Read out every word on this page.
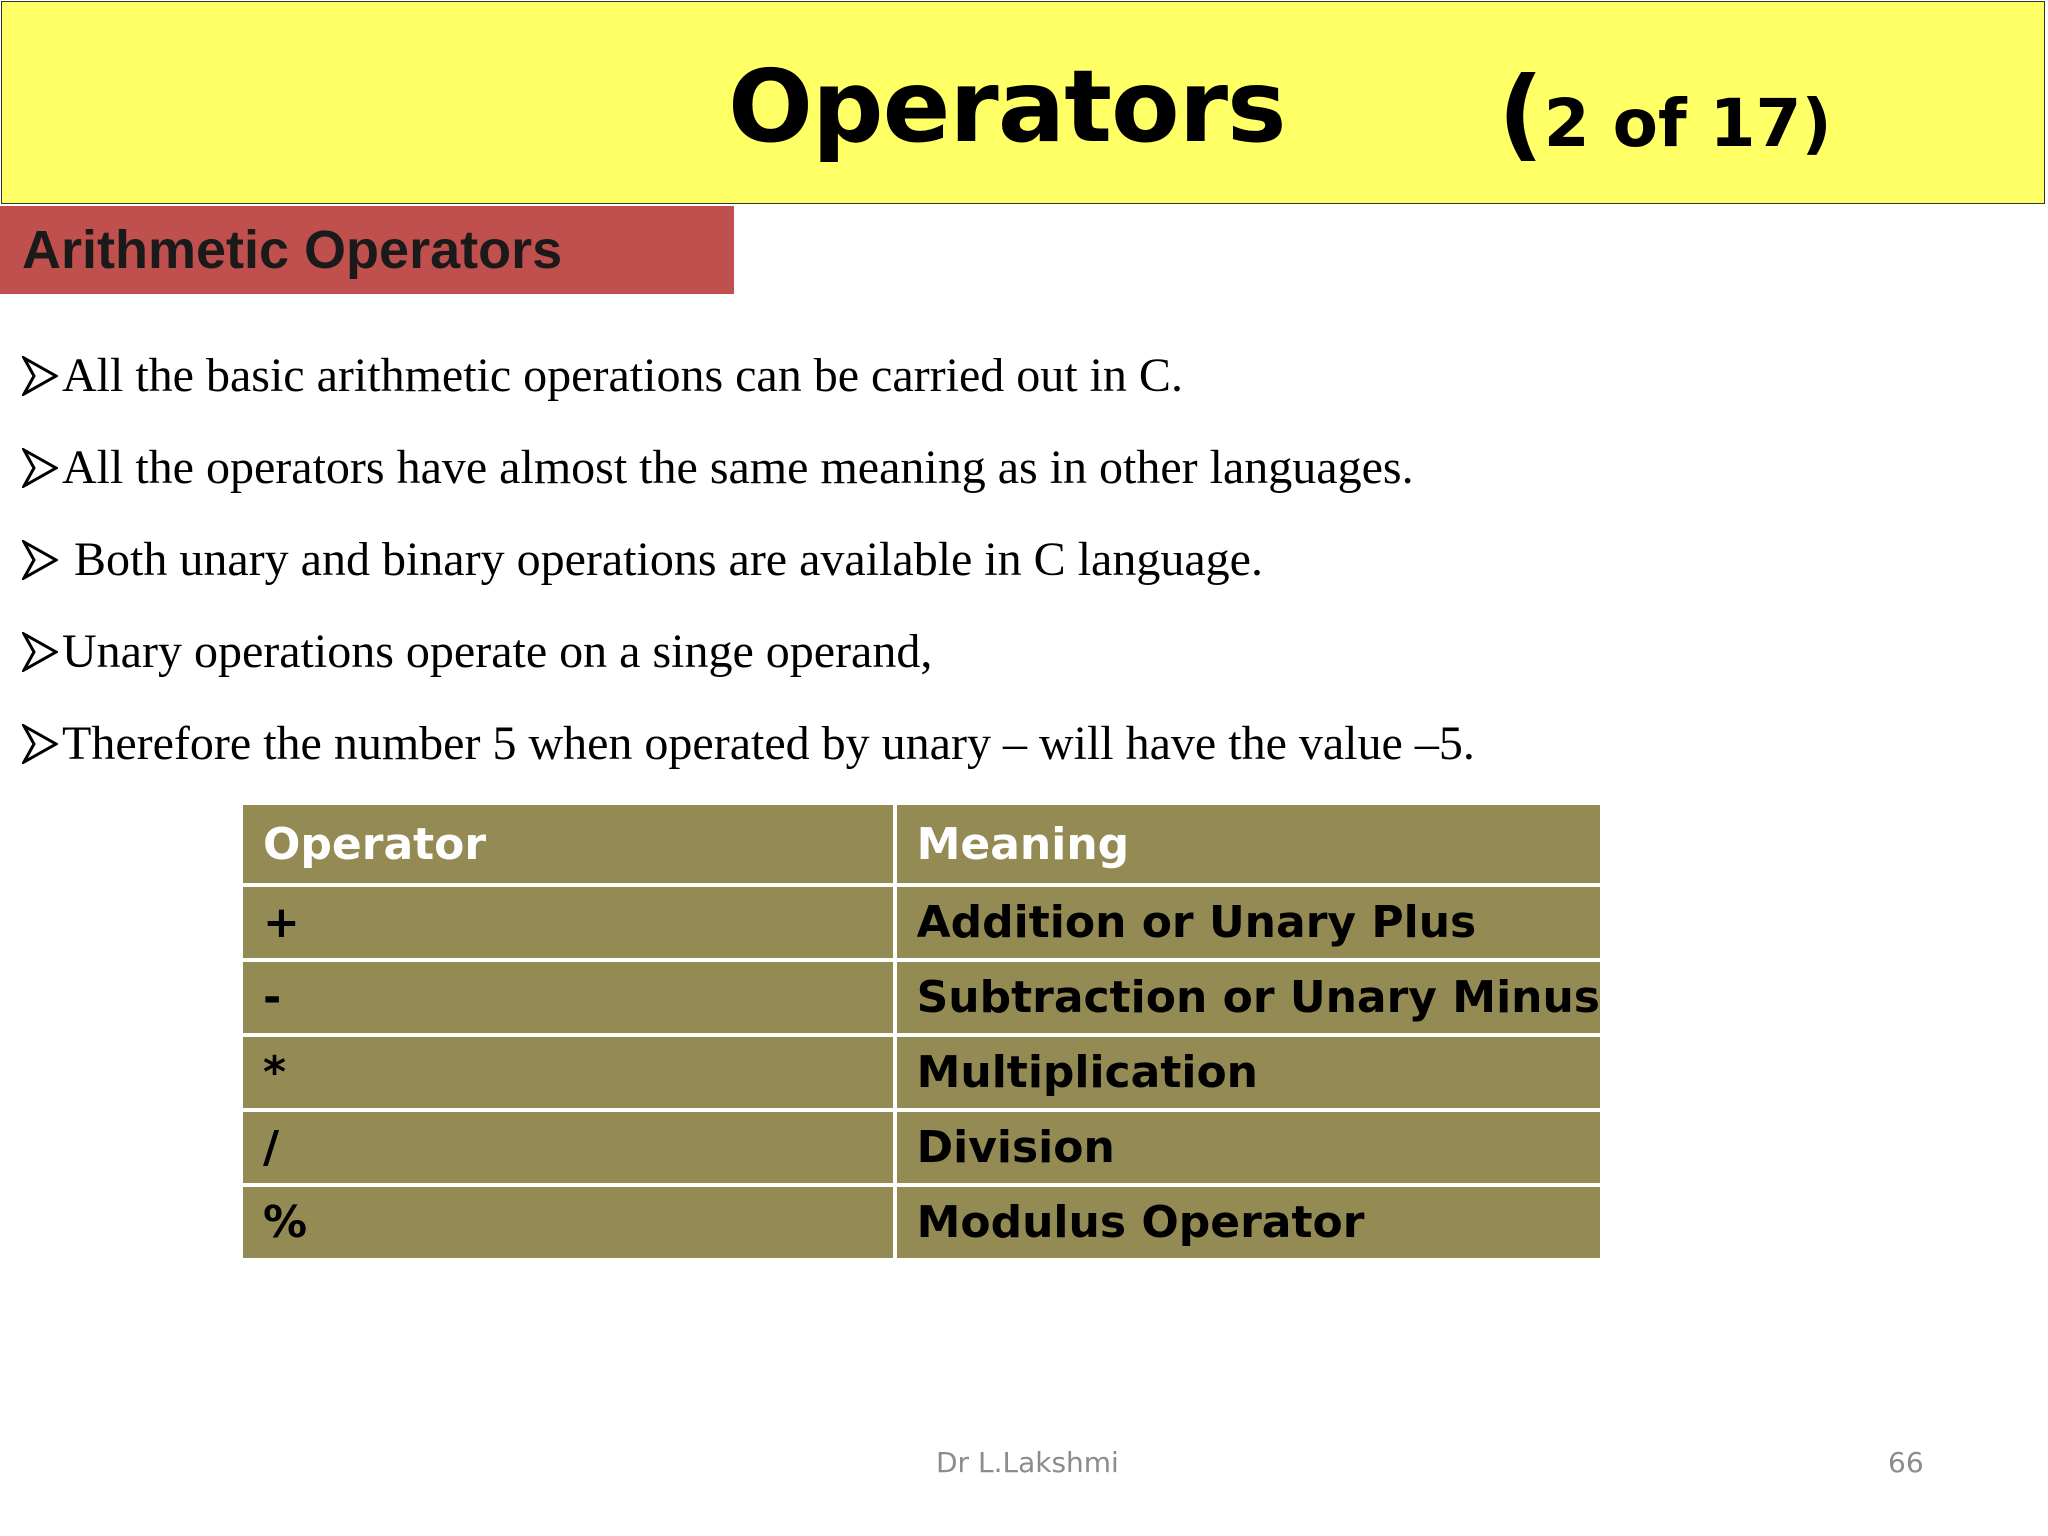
Operators (2 of 17)
Arithmetic Operators
All the basic arithmetic operations can be carried out in C.
All the operators have almost the same meaning as in other languages.
Both unary and binary operations are available in C language.
Unary operations operate on a singe operand,
Therefore the number 5 when operated by unary – will have the value –5.
Operator	Meaning
+	Addition or Unary Plus
-	Subtraction or Unary Minus
*	Multiplication
/	Division
%	Modulus Operator
Dr L.Lakshmi	66
